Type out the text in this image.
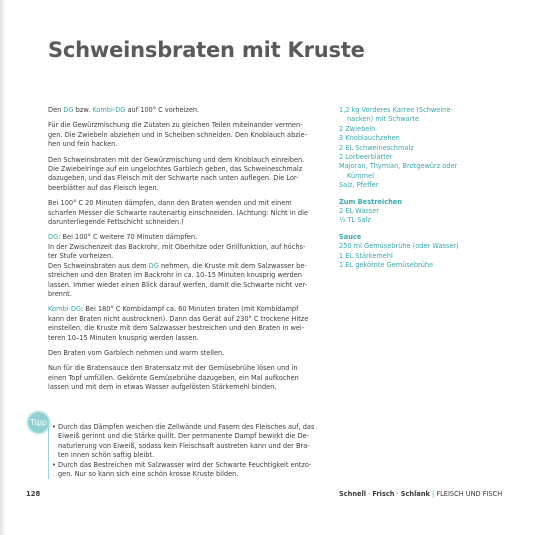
Schweinsbraten mit Kruste

Den DG bzw. Kombi-DG auf 100° C vorheizen.

Für die Gewürzmischung die Zutaten zu gleichen Teilen miteinander vermen-
gen. Die Zwiebeln abziehen und in Scheiben schneiden. Den Knoblauch abzie-
hen und fein hacken.

Den Schweinsbraten mit der Gewürzmischung und dem Knoblauch einreiben.
Die Zwiebelringe auf ein ungelochtes Garblech geben, das Schweineschmalz
dazugeben, und das Fleisch mit der Schwarte nach unten auflegen. Die Lor-
beerblätter auf das Fleisch legen.

Bei 100° C 20 Minuten dämpfen, dann den Braten wenden und mit einem
scharfen Messer die Schwarte rautenartig einschneiden. (Achtung: Nicht in die
darunterliegende Fettschicht schneiden.)

DG: Bei 100° C weitere 70 Minuten dämpfen.
In der Zwischenzeit das Backrohr, mit Oberhitze oder Grillfunktion, auf höchs-
ter Stufe vorheizen.
Den Schweinsbraten aus dem DG nehmen, die Kruste mit dem Salzwasser be-
streichen und den Braten im Backrohr in ca. 10–15 Minuten knusprig werden
lassen. Immer wieder einen Blick darauf werfen, damit die Schwarte nicht ver-
brennt.

Kombi-DG: Bei 180° C Kombidampf ca. 60 Minuten braten (mit Kombidampf
kann der Braten nicht austrocknen). Dann das Gerät auf 230° C trockene Hitze
einstellen, die Kruste mit dem Salzwasser bestreichen und den Braten in wei-
teren 10–15 Minuten knusprig werden lassen.

Den Braten vom Garblech nehmen und warm stellen.

Nun für die Bratensauce den Bratensatz mit der Gemüsebrühe lösen und in
einen Topf umfüllen. Gekörnte Gemüsebrühe dazugeben, ein Mal aufkochen
lassen und mit dem in etwas Wasser aufgelösten Stärkemehl binden.

Tipp
•	Durch das Dämpfen weichen die Zellwände und Fasern des Fleisches auf, das
Eiweiß gerinnt und die Stärke quillt. Der permanente Dampf bewirkt die De-
naturierung von Eiweiß, sodass kein Fleischsaft austreten kann und der Bra-
ten innen schön saftig bleibt.
• Durch das Bestreichen mit Salzwasser wird der Schwarte Feuchtigkeit entzo-
gen. Nur so kann sich eine schön krosse Kruste bilden.
1,2 kg Vorderes Karree (Schweine-
nacken) mit Schwarte
2 Zwiebeln
3 Knoblauchzehen
2 EL Schweineschmalz
2 Lorbeerblätter
Majoran, Thymian, Brotgewürz oder
Kümmel
Salz, Pfeffer
Zum Bestreichen
2 EL Wasser
½ TL Salz
Sauce
250 ml Gemüsebrühe (oder Wasser)
1 EL Stärkemehl
1 EL gekörnte Gemüsebrühe
128	Schnell · Frisch · Schlank | FLEISCH UND FISCH
